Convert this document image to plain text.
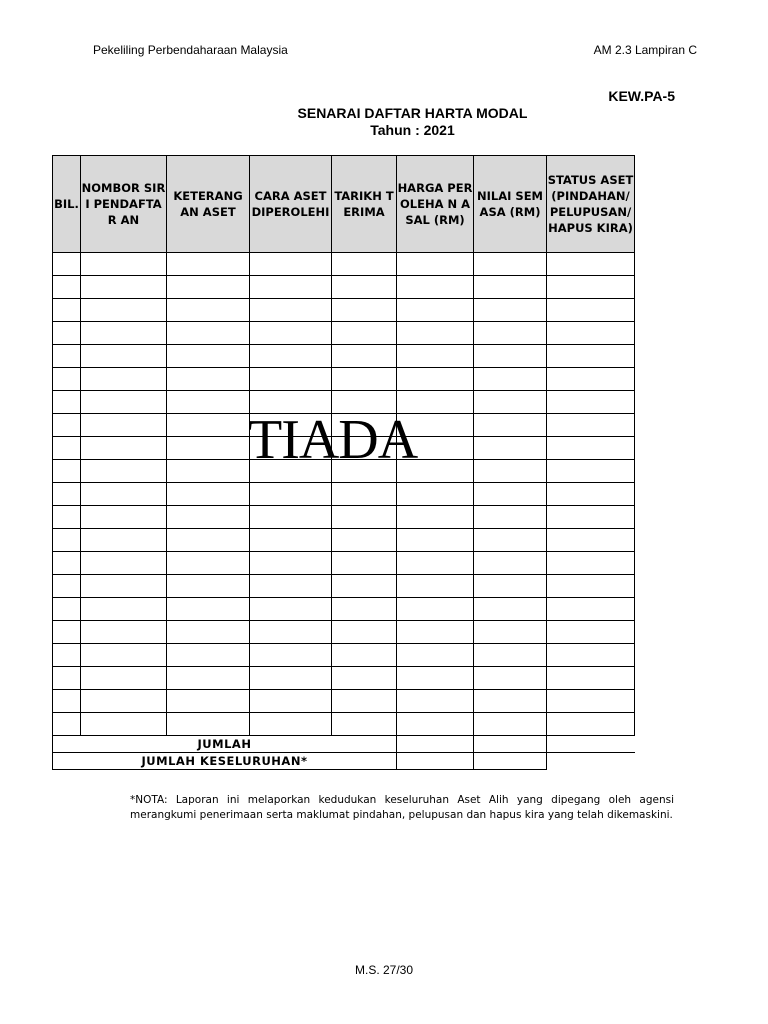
Pekeliling Perbendaharaan Malaysia	AM 2.3 Lampiran C
KEW.PA-5
SENARAI DAFTAR HARTA MODAL
Tahun : 2021
BIL.	NOMBOR SIRI PENDAFTAR AN	KETERANG AN ASET	CARA ASET DIPEROLEHI	TARIKH TERIMA	HARGA PEROLEHA N ASAL (RM)	NILAI SEMASA (RM)	STATUS ASET (PINDAHAN/ PELUPUSAN/ HAPUS KIRA)

JUMLAH							
JUMLAH KESELURUHAN*							
TIADA
*NOTA: Laporan ini melaporkan kedudukan keseluruhan Aset Alih yang dipegang oleh agensi merangkumi penerimaan serta maklumat pindahan, pelupusan dan hapus kira yang telah dikemaskini.
M.S. 27/30
